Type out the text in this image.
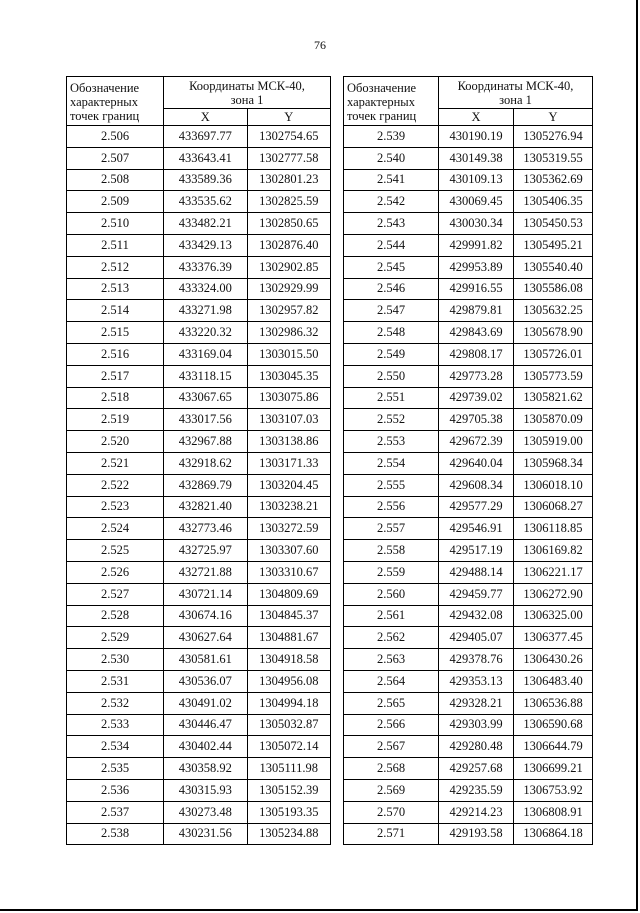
76
Обозначение
характерных
точек границ	Координаты МСК-40,
зона 1	
	X	Y
2.506	433697.77	1302754.65
2.507	433643.41	1302777.58
2.508	433589.36	1302801.23
2.509	433535.62	1302825.59
2.510	433482.21	1302850.65
2.511	433429.13	1302876.40
2.512	433376.39	1302902.85
2.513	433324.00	1302929.99
2.514	433271.98	1302957.82
2.515	433220.32	1302986.32
2.516	433169.04	1303015.50
2.517	433118.15	1303045.35
2.518	433067.65	1303075.86
2.519	433017.56	1303107.03
2.520	432967.88	1303138.86
2.521	432918.62	1303171.33
2.522	432869.79	1303204.45
2.523	432821.40	1303238.21
2.524	432773.46	1303272.59
2.525	432725.97	1303307.60
2.526	432721.88	1303310.67
2.527	430721.14	1304809.69
2.528	430674.16	1304845.37
2.529	430627.64	1304881.67
2.530	430581.61	1304918.58
2.531	430536.07	1304956.08
2.532	430491.02	1304994.18
2.533	430446.47	1305032.87
2.534	430402.44	1305072.14
2.535	430358.92	1305111.98
2.536	430315.93	1305152.39
2.537	430273.48	1305193.35
2.538	430231.56	1305234.88
Обозначение
характерных
точек границ	Координаты МСК-40,
зона 1	
	X	Y
2.539	430190.19	1305276.94
2.540	430149.38	1305319.55
2.541	430109.13	1305362.69
2.542	430069.45	1305406.35
2.543	430030.34	1305450.53
2.544	429991.82	1305495.21
2.545	429953.89	1305540.40
2.546	429916.55	1305586.08
2.547	429879.81	1305632.25
2.548	429843.69	1305678.90
2.549	429808.17	1305726.01
2.550	429773.28	1305773.59
2.551	429739.02	1305821.62
2.552	429705.38	1305870.09
2.553	429672.39	1305919.00
2.554	429640.04	1305968.34
2.555	429608.34	1306018.10
2.556	429577.29	1306068.27
2.557	429546.91	1306118.85
2.558	429517.19	1306169.82
2.559	429488.14	1306221.17
2.560	429459.77	1306272.90
2.561	429432.08	1306325.00
2.562	429405.07	1306377.45
2.563	429378.76	1306430.26
2.564	429353.13	1306483.40
2.565	429328.21	1306536.88
2.566	429303.99	1306590.68
2.567	429280.48	1306644.79
2.568	429257.68	1306699.21
2.569	429235.59	1306753.92
2.570	429214.23	1306808.91
2.571	429193.58	1306864.18
